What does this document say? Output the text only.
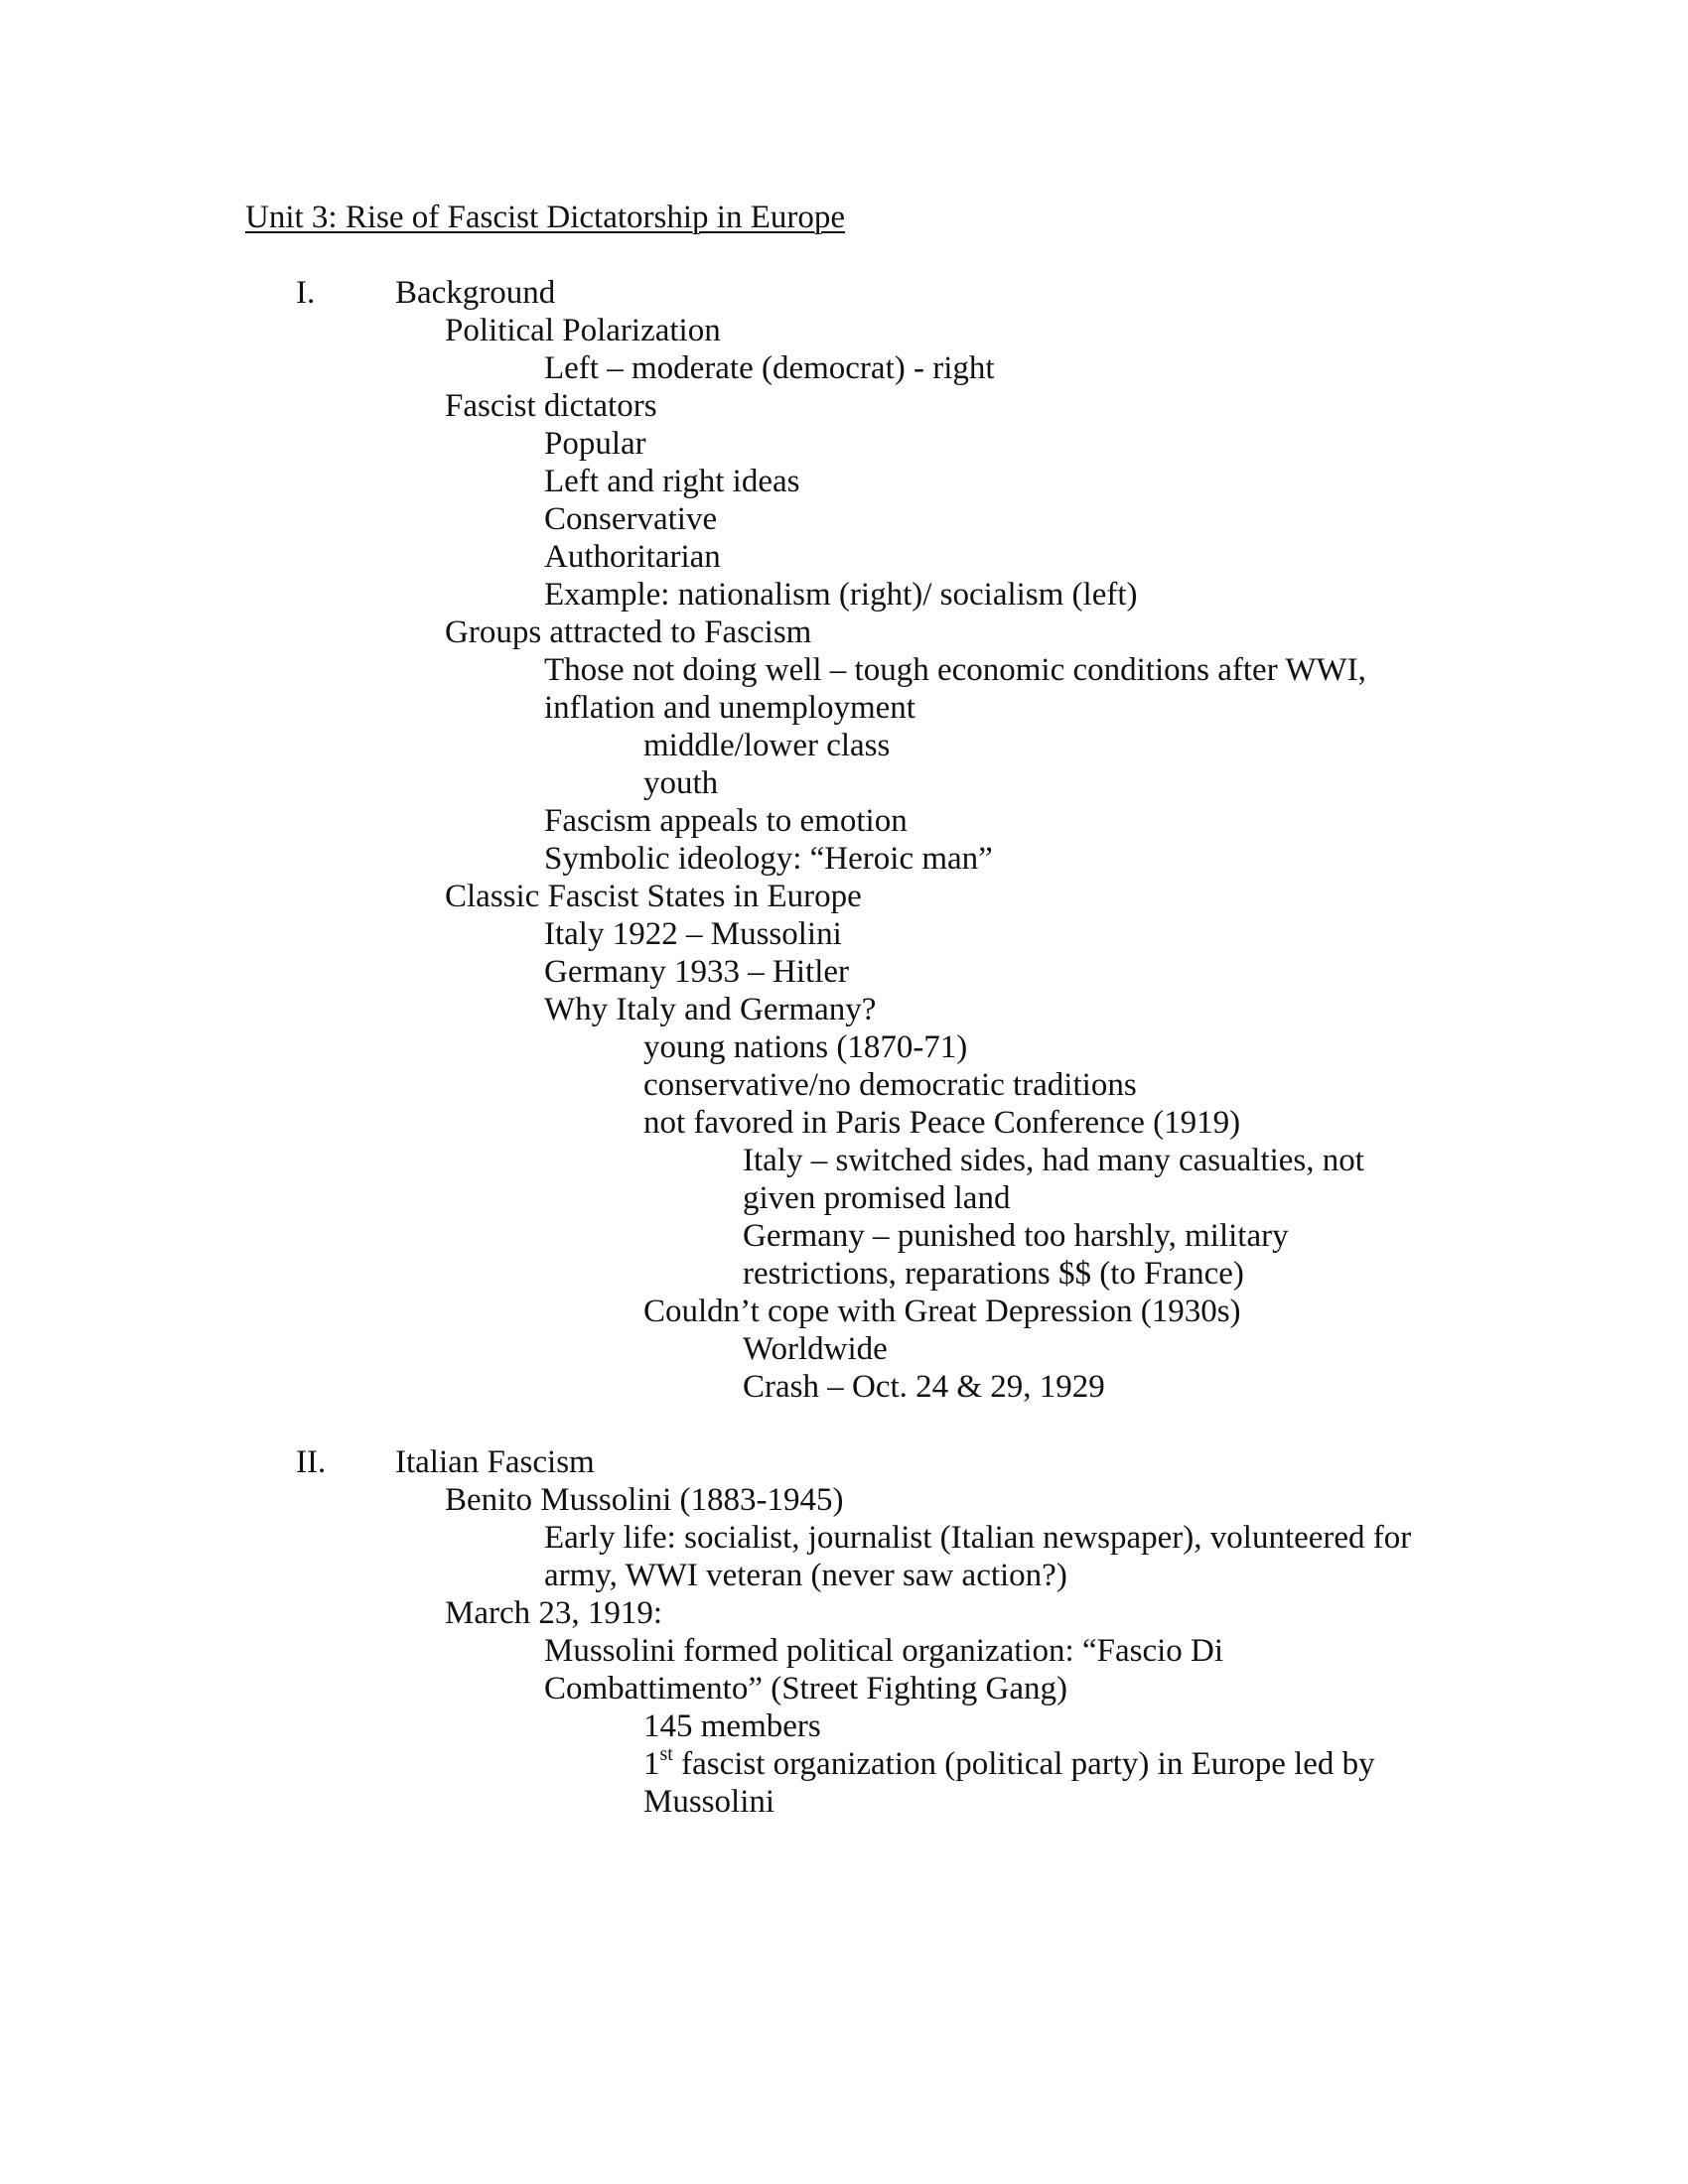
Unit 3: Rise of Fascist Dictatorship in Europe
I. Background
Political Polarization
Left – moderate (democrat) - right
Fascist dictators
Popular
Left and right ideas
Conservative
Authoritarian
Example: nationalism (right)/ socialism (left)
Groups attracted to Fascism
Those not doing well – tough economic conditions after WWI,
inflation and unemployment
middle/lower class
youth
Fascism appeals to emotion
Symbolic ideology: “Heroic man”
Classic Fascist States in Europe
Italy 1922 – Mussolini
Germany 1933 – Hitler
Why Italy and Germany?
young nations (1870-71)
conservative/no democratic traditions
not favored in Paris Peace Conference (1919)
Italy – switched sides, had many casualties, not
given promised land
Germany – punished too harshly, military
restrictions, reparations $$ (to France)
Couldn’t cope with Great Depression (1930s)
Worldwide
Crash – Oct. 24 & 29, 1929
II. Italian Fascism
Benito Mussolini (1883-1945)
Early life: socialist, journalist (Italian newspaper), volunteered for
army, WWI veteran (never saw action?)
March 23, 1919:
Mussolini formed political organization: “Fascio Di
Combattimento” (Street Fighting Gang)
145 members
1st fascist organization (political party) in Europe led by
Mussolini
